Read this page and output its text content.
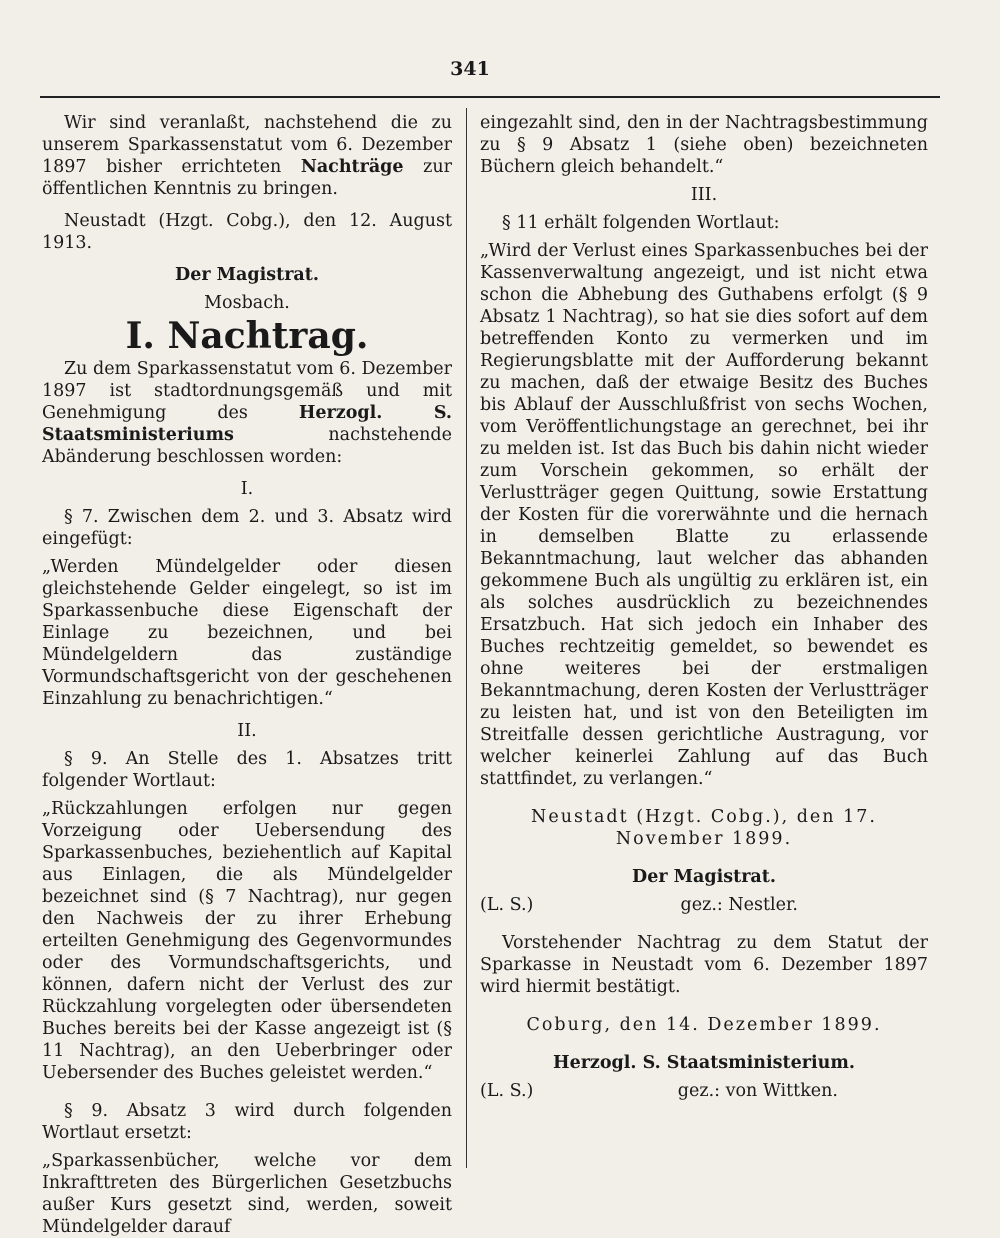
341

Wir sind veranlaßt, nachstehend die zu unserem Sparkassenstatut vom 6. Dezember 1897 bisher errichteten Nachträge zur öffentlichen Kenntnis zu bringen.

Neustadt (Hzgt. Cobg.), den 12. August 1913.

Der Magistrat.

Mosbach.

I. Nachtrag.

Zu dem Sparkassenstatut vom 6. Dezember 1897 ist stadtordnungsgemäß und mit Genehmigung des	Herzogl. S. Staatsministeriums	nachstehende Abänderung beschlossen worden:

I.

§ 7. Zwischen dem 2. und 3. Absatz wird eingefügt:

„Werden Mündelgelder oder diesen gleichstehende Gelder eingelegt, so ist im Sparkassenbuche diese Eigenschaft der Einlage zu bezeichnen, und bei Mündelgeldern das zuständige Vormundschaftsgericht von der geschehenen Einzahlung zu benachrichtigen.“

II.

§ 9. An Stelle des 1. Absatzes tritt folgender Wortlaut:

„Rückzahlungen erfolgen nur gegen Vorzeigung oder Uebersendung des Sparkassenbuches, beziehentlich auf Kapital aus Einlagen, die als Mündelgelder bezeichnet sind (§ 7 Nachtrag), nur gegen den Nachweis der zu ihrer Erhebung erteilten Genehmigung des Gegenvormundes oder des Vormundschaftsgerichts, und können, dafern nicht der Verlust des zur Rückzahlung vorgelegten oder übersendeten Buches bereits bei der Kasse angezeigt ist (§ 11 Nachtrag), an den Ueberbringer oder Uebersender des Buches geleistet werden.“

§ 9. Absatz 3 wird durch folgenden Wortlaut ersetzt:

„Sparkassenbücher, welche vor dem Inkrafttreten des Bürgerlichen Gesetzbuchs außer Kurs gesetzt sind, werden, soweit Mündelgelder darauf

eingezahlt sind, den in der Nachtragsbestimmung zu § 9 Absatz 1 (siehe oben) bezeichneten Büchern gleich behandelt.“

III.

§ 11 erhält folgenden Wortlaut:

„Wird der Verlust eines Sparkassenbuches bei der Kassenverwaltung angezeigt, und ist nicht etwa schon die Abhebung des Guthabens erfolgt (§ 9 Absatz 1 Nachtrag), so hat sie dies sofort auf dem betreffenden Konto zu vermerken und im Regierungsblatte mit der Aufforderung bekannt zu machen, daß der etwaige Besitz des Buches bis Ablauf der Ausschlußfrist von sechs Wochen, vom Veröffentlichungstage an gerechnet, bei ihr zu melden ist. Ist das Buch bis dahin nicht wieder zum Vorschein gekommen, so erhält der Verlustträger gegen Quittung, sowie Erstattung der Kosten für die vorerwähnte und die hernach in demselben Blatte zu erlassende Bekanntmachung, laut welcher das abhanden gekommene Buch als ungültig zu erklären ist, ein als solches ausdrücklich zu bezeichnendes Ersatzbuch. Hat sich jedoch ein Inhaber des Buches rechtzeitig gemeldet, so bewendet es ohne weiteres bei der erstmaligen Bekanntmachung, deren Kosten der Verlustträger zu leisten hat, und ist von den Beteiligten im Streitfalle dessen gerichtliche Austragung, vor welcher keinerlei Zahlung auf das Buch stattfindet, zu verlangen.“

Neustadt (Hzgt. Cobg.), den 17. November 1899.

Der Magistrat.

(L. S.)	gez.: Nestler.

Vorstehender Nachtrag zu dem Statut der Sparkasse in Neustadt vom 6. Dezember 1897 wird hiermit bestätigt.

Coburg, den 14. Dezember 1899.

Herzogl. S. Staatsministerium.

(L. S.)	gez.: von Wittken.
